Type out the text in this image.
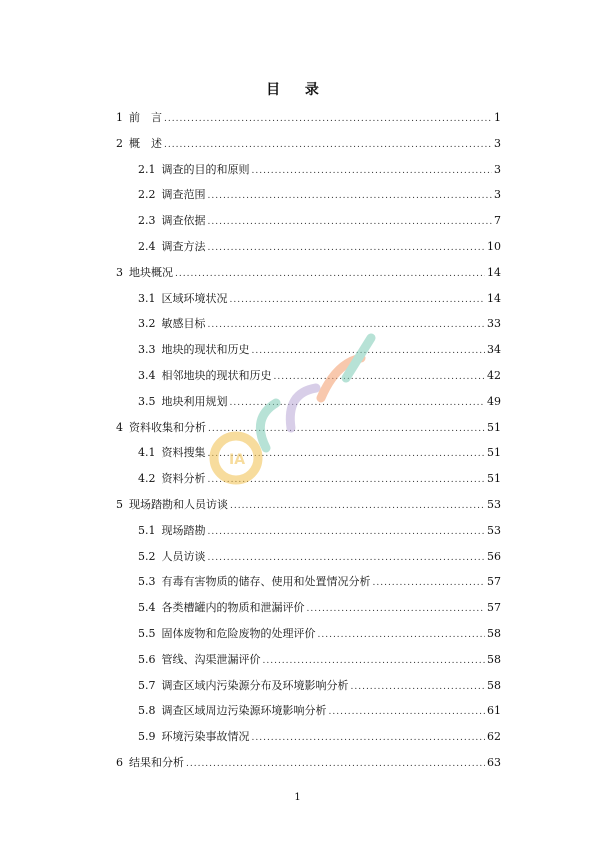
目 录
1 前　言 .....	1
2 概　述 .....	3
2.1 调查的目的和原则 .....	3
2.2 调查范围 .....	3
2.3 调查依据 .....	7
2.4 调查方法 .....	10
3 地块概况 .....	14
3.1 区域环境状况 .....	14
3.2 敏感目标 .....	33
3.3 地块的现状和历史 .....	34
3.4 相邻地块的现状和历史 .....	42
3.5 地块利用规划 .....	49
4 资料收集和分析 .....	51
4.1 资料搜集 .....	51
4.2 资料分析 .....	51
5 现场踏勘和人员访谈 .....	53
5.1 现场踏勘 .....	53
5.2 人员访谈 .....	56
5.3 有毒有害物质的储存、使用和处置情况分析 .....	57
5.4 各类槽罐内的物质和泄漏评价 .....	57
5.5 固体废物和危险废物的处理评价 .....	58
5.6 管线、沟渠泄漏评价 .....	58
5.7 调查区域内污染源分布及环境影响分析 .....	58
5.8 调查区域周边污染源环境影响分析 .....	61
5.9 环境污染事故情况 .....	62
6 结果和分析 .....	63
IA
1
